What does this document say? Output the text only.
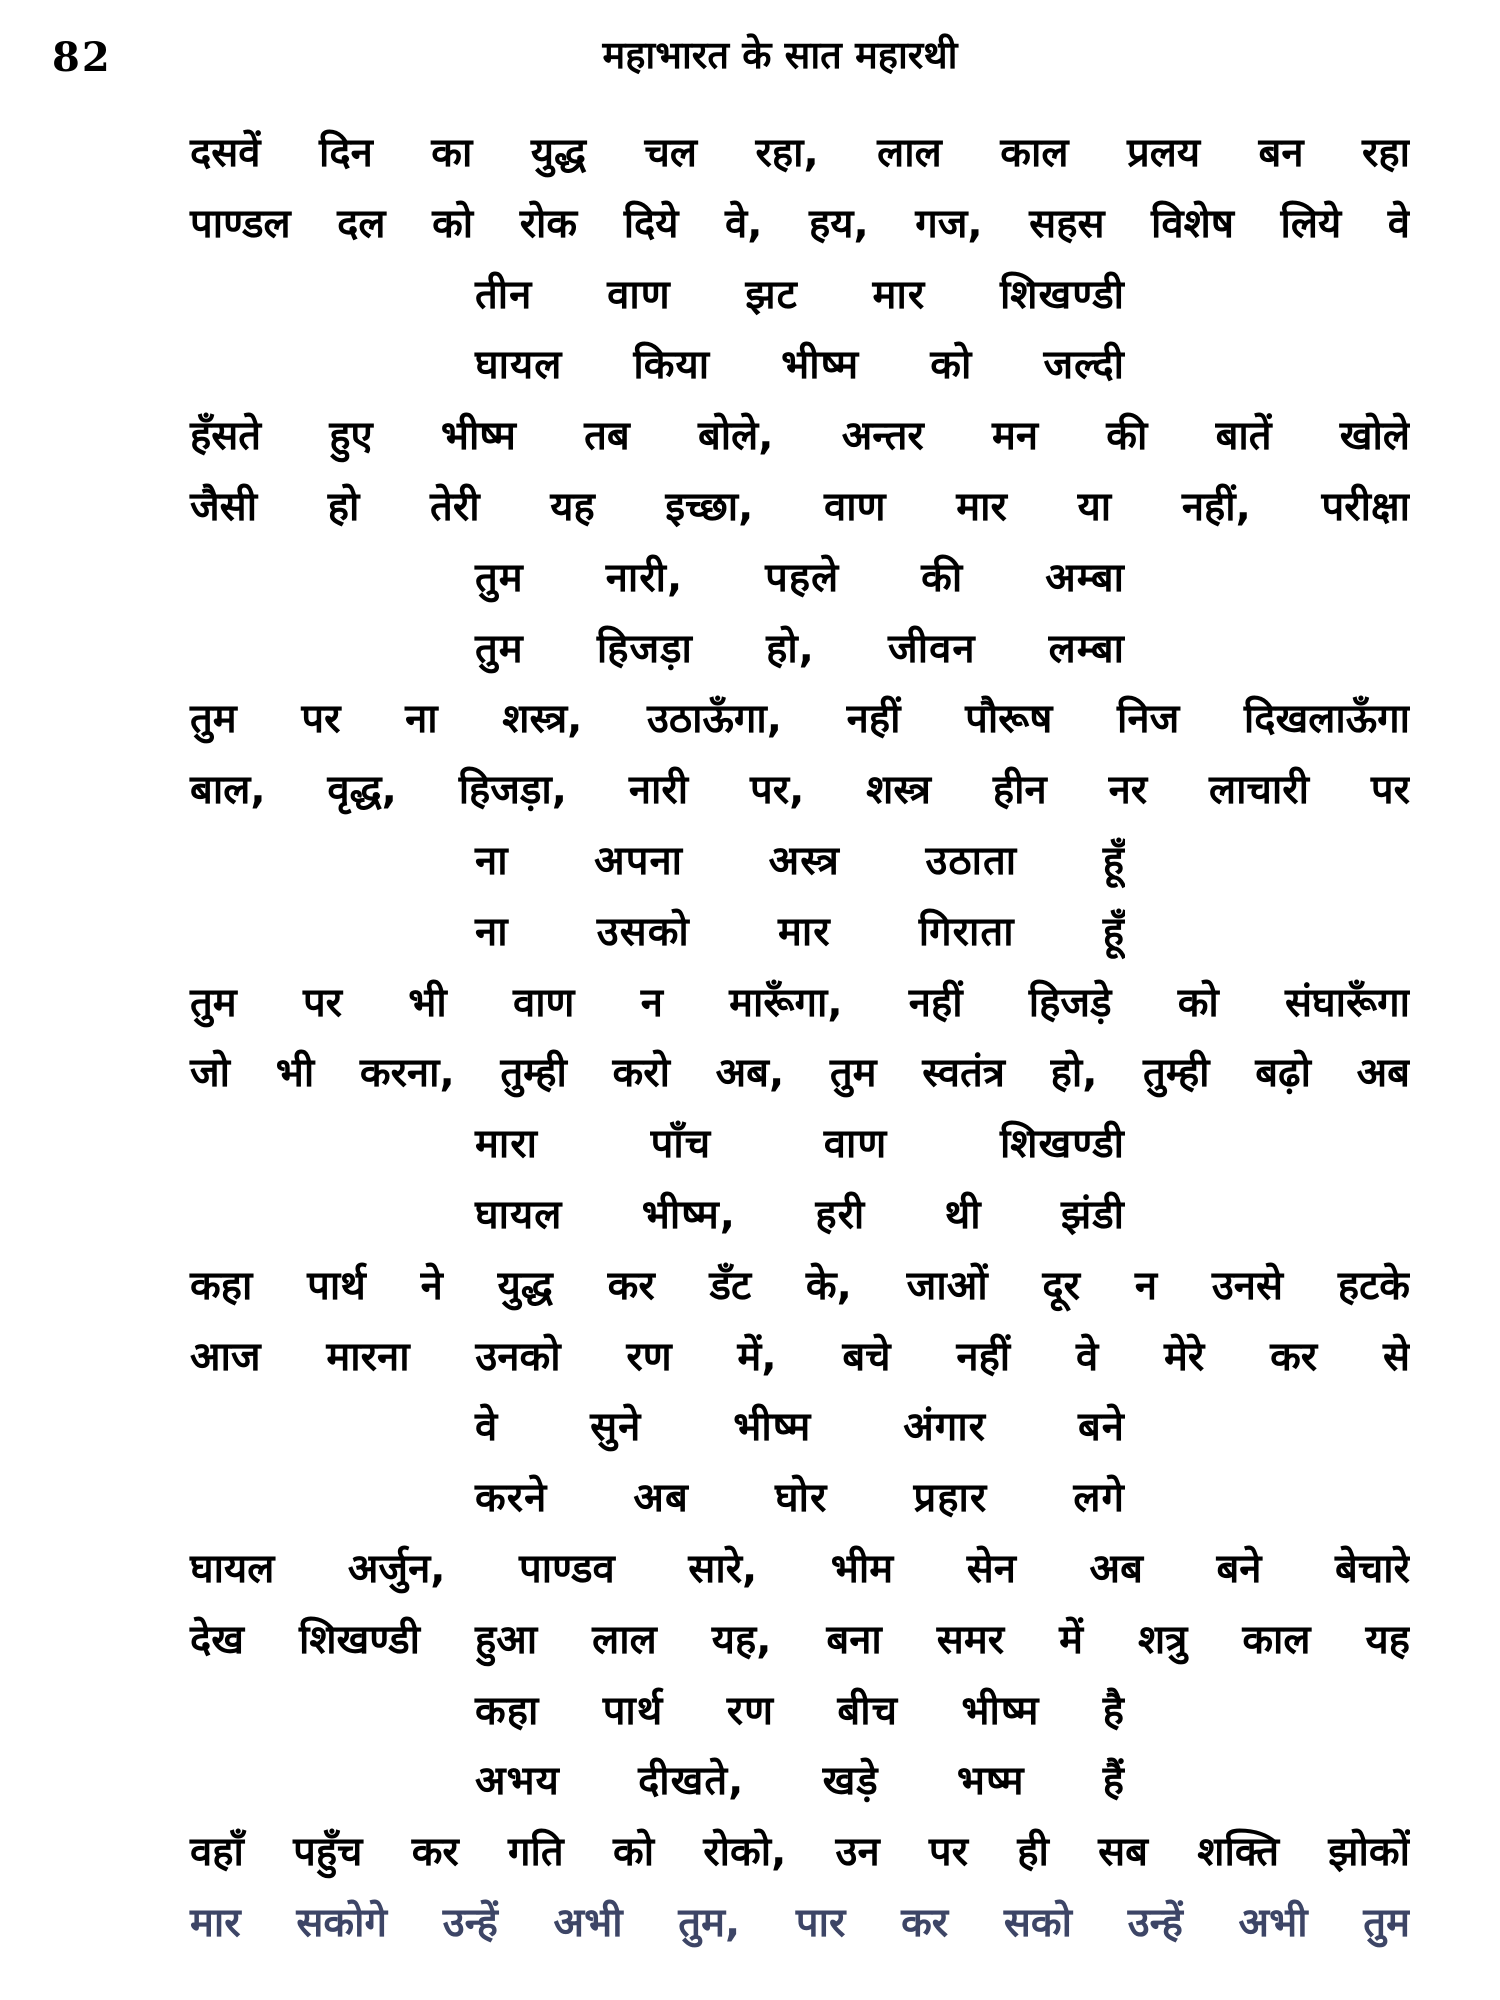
82	महाभारत के सात महारथी
दसवें दिन का युद्ध चल रहा, लाल काल प्रलय बन रहा
पाण्डल दल को रोक दिये वे, हय, गज, सहस विशेष लिये वे
तीन वाण झट मार शिखण्डी
घायल किया भीष्म को जल्दी
हँसते हुए भीष्म तब बोले, अन्तर मन की बातें खोले
जैसी हो तेरी यह इच्छा, वाण मार या नहीं, परीक्षा
तुम नारी, पहले की अम्बा
तुम हिजड़ा हो, जीवन लम्बा
तुम पर ना शस्त्र, उठाऊँगा, नहीं पौरूष निज दिखलाऊँगा
बाल, वृद्ध, हिजड़ा, नारी पर, शस्त्र हीन नर लाचारी पर
ना अपना अस्त्र उठाता हूँ
ना उसको मार गिराता हूँ
तुम पर भी वाण न मारूँगा, नहीं हिजड़े को संघारूँगा
जो भी करना, तुम्ही करो अब, तुम स्वतंत्र हो, तुम्ही बढ़ो अब
मारा पाँच वाण शिखण्डी
घायल भीष्म, हरी थी झंडी
कहा पार्थ ने युद्ध कर डँट के, जाओं दूर न उनसे हटके
आज मारना उनको रण में, बचे नहीं वे मेरे कर से
वे सुने भीष्म अंगार बने
करने अब घोर प्रहार लगे
घायल अर्जुन, पाण्डव सारे, भीम सेन अब बने बेचारे
देख शिखण्डी हुआ लाल यह, बना समर में शत्रु काल यह
कहा पार्थ रण बीच भीष्म है
अभय दीखते, खड़े भष्म हैं
वहाँ पहुँच कर गति को रोको, उन पर ही सब शक्ति झोकों
मार सकोगे उन्हें अभी तुम, पार कर सको उन्हें अभी तुम
